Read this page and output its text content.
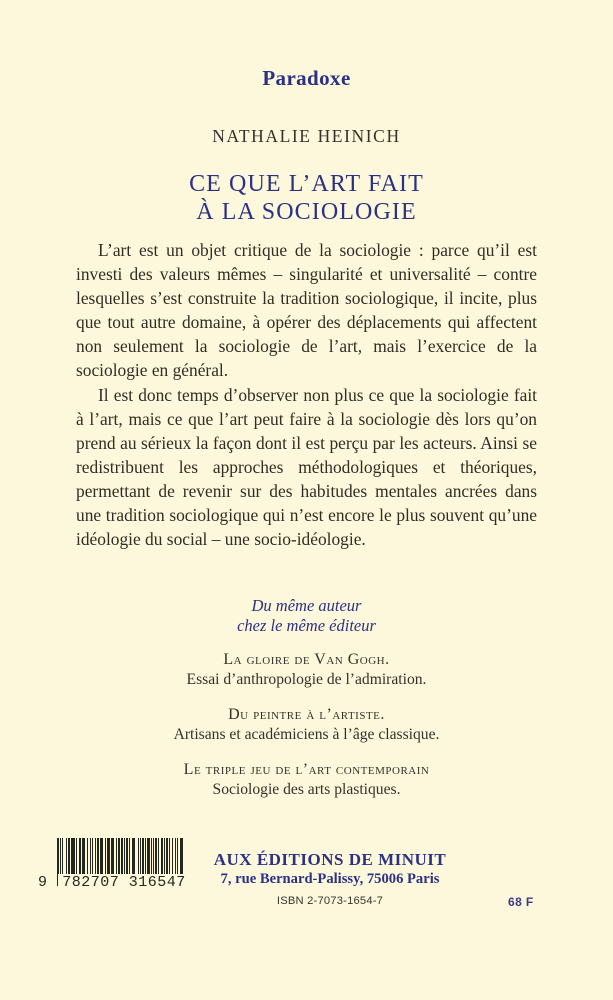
Paradoxe
NATHALIE HEINICH
CE QUE L’ART FAIT
À LA SOCIOLOGIE

L’art est un objet critique de la sociologie : parce qu’il est investi des valeurs mêmes – singularité et universalité – contre lesquelles s’est construite la tradition sociologique, il incite, plus que tout autre domaine, à opérer des déplacements qui affectent non seulement la sociologie de l’art, mais l’exercice de la sociologie en général.

Il est donc temps d’observer non plus ce que la sociologie fait à l’art, mais ce que l’art peut faire à la sociologie dès lors qu’on prend au sérieux la façon dont il est perçu par les acteurs. Ainsi se redistribuent les approches méthodologiques et théoriques, permettant de revenir sur des habitudes mentales ancrées dans une tradition sociologique qui n’est encore le plus souvent qu’une idéologie du social – une socio-idéologie.

Du même auteur
chez le même éditeur
La gloire de Van Gogh.
Essai d’anthropologie de l’admiration.
Du peintre à l’artiste.
Artisans et académiciens à l’âge classique.
Le triple jeu de l’art contemporain
Sociologie des arts plastiques.
AUX ÉDITIONS DE MINUIT
7, rue Bernard-Palissy, 75006 Paris
ISBN 2-7073-1654-7	68 F
9 782707 316547
